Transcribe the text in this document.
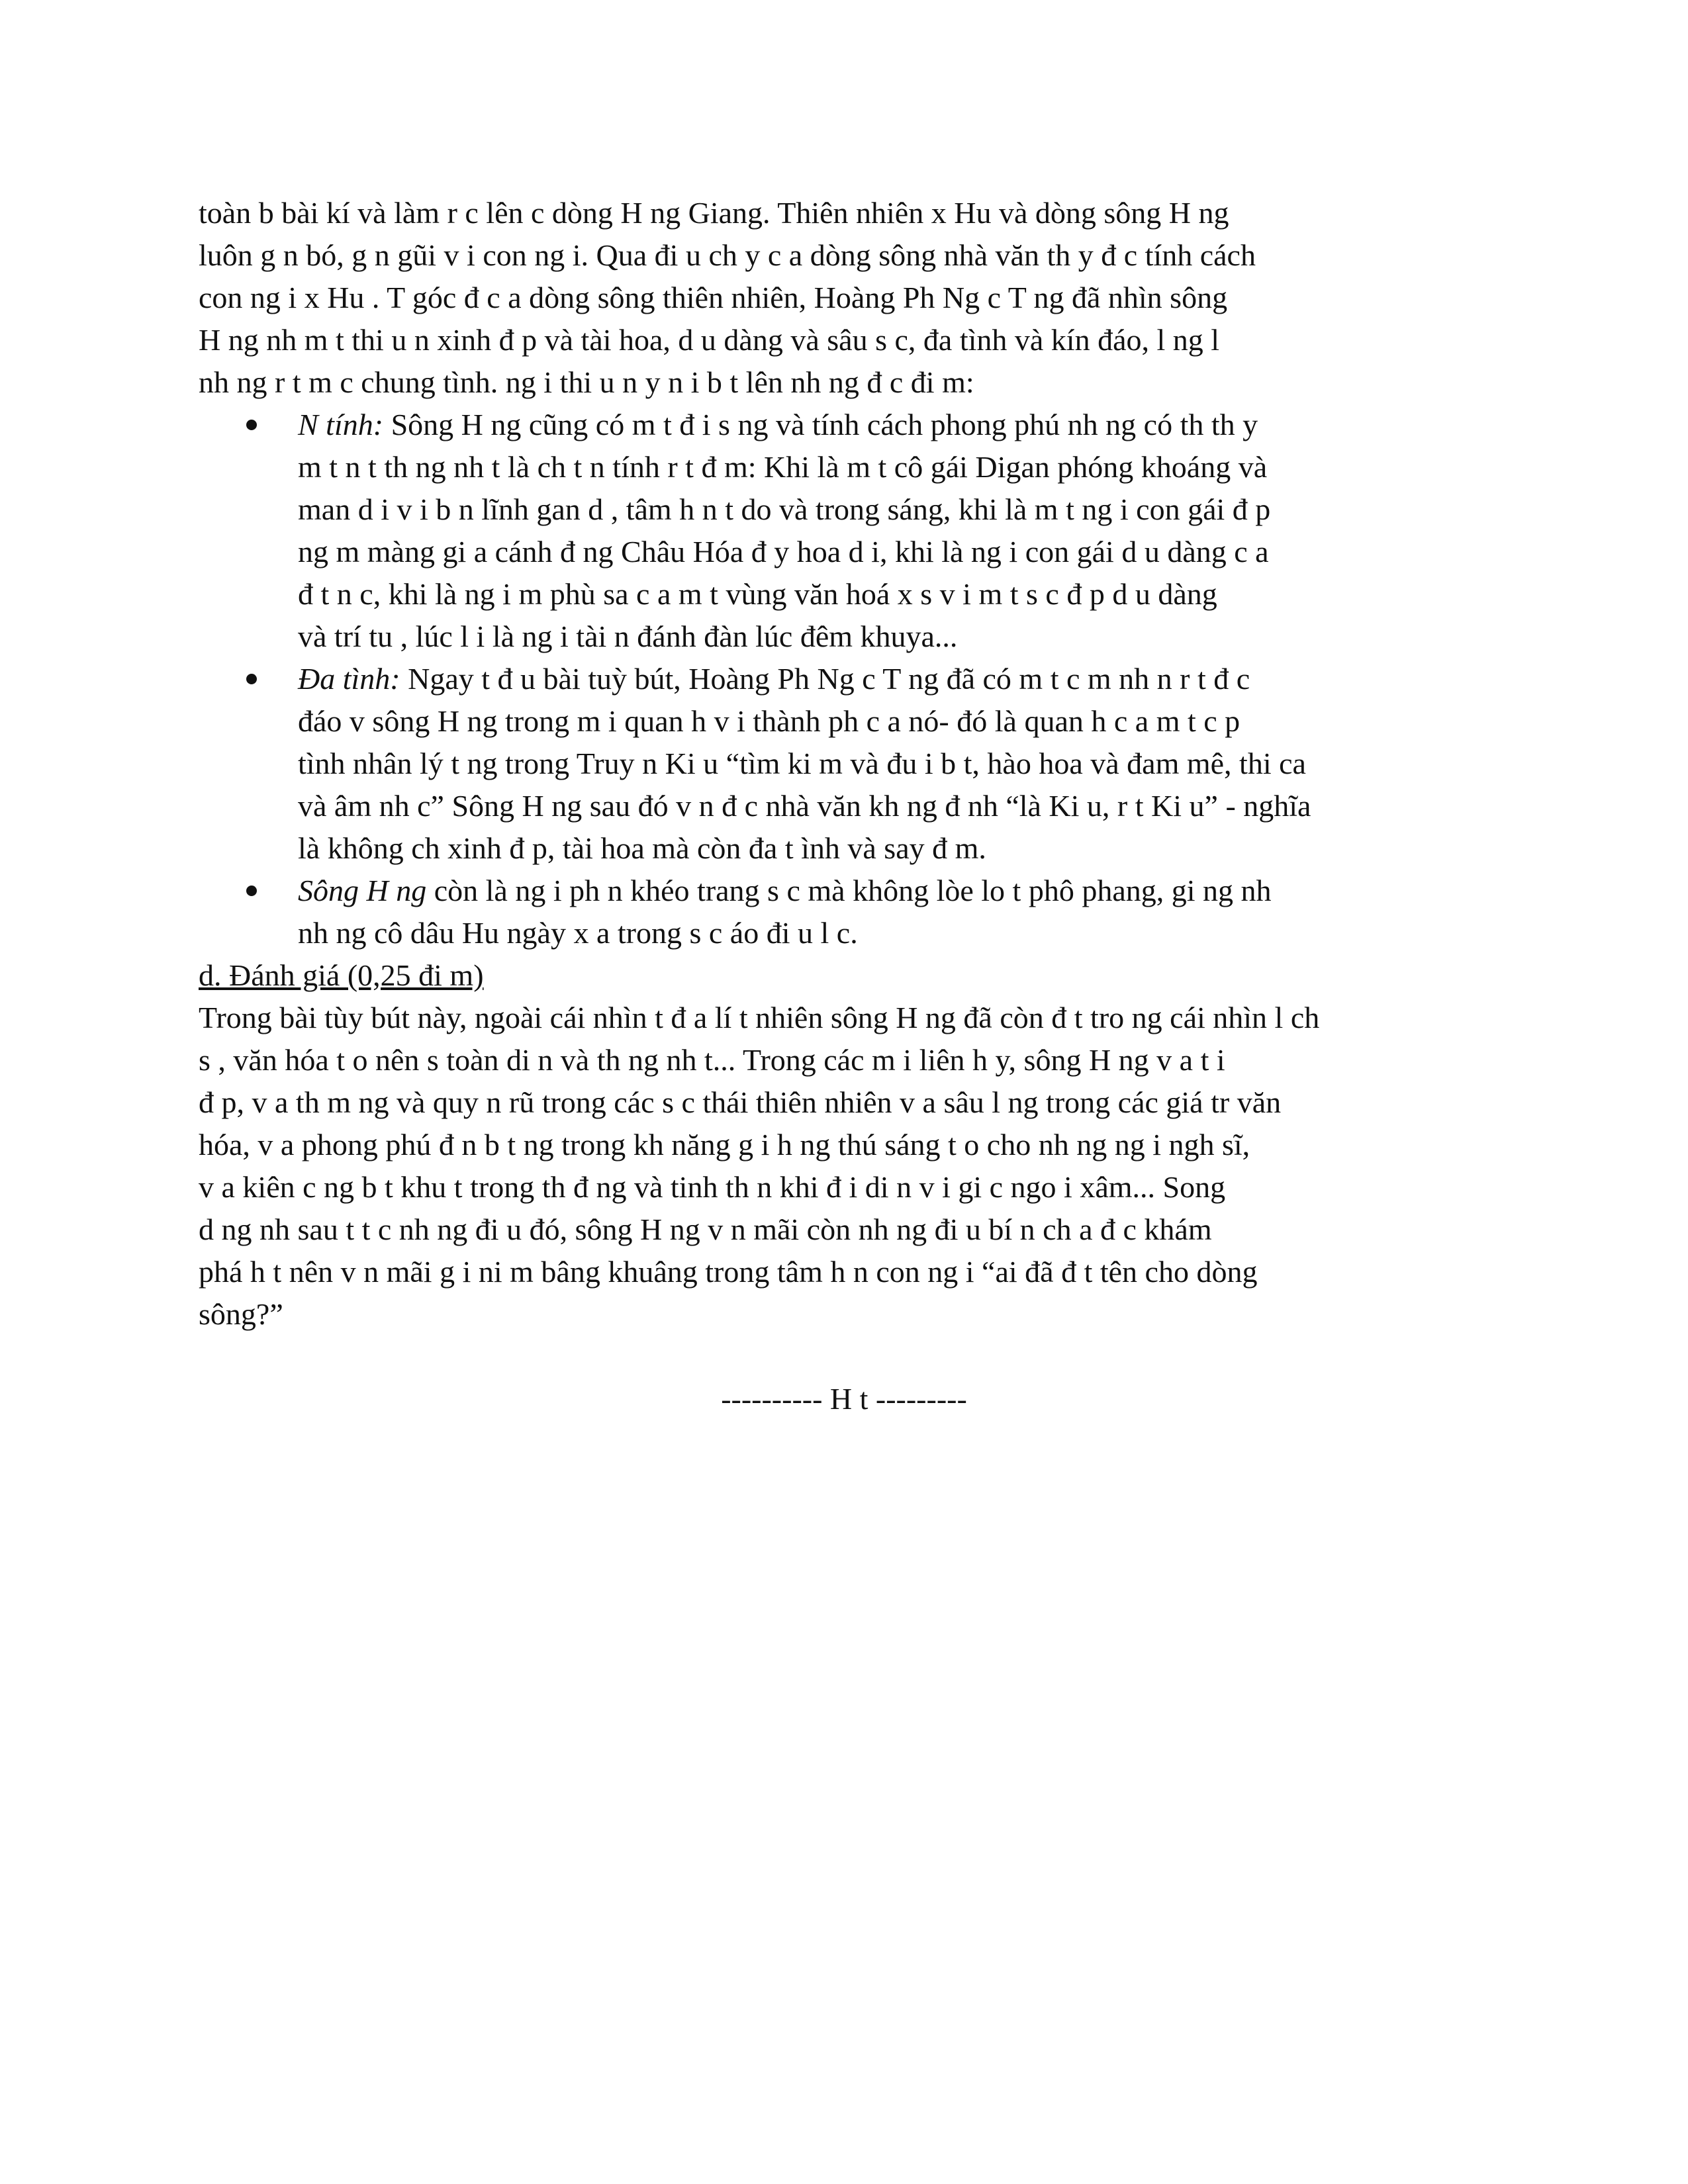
toàn b bài kí và làm r c lên c dòng H ng Giang. Thiên nhiên x Hu và dòng sông H ng
luôn g n bó, g n gũi v i con ng i. Qua đi u ch y c a dòng sông nhà văn th y đ c tính cách
con ng i x Hu . T góc đ c a dòng sông thiên nhiên, Hoàng Ph Ng c T ng đã nhìn sông
H ng nh m t thi u n xinh đ p và tài hoa, d u dàng và sâu s c, đa tình và kín đáo, l ng l
nh ng r t m c chung tình. ng i thi u n y n i b t lên nh ng đ c đi m:

N tính: Sông H ng cũng có m t đ i s ng và tính cách phong phú nh ng có th th y
m t n t th ng nh t là ch t n tính r t đ m: Khi là m t cô gái Digan phóng khoáng và
man d i v i b n lĩnh gan d , tâm h n t do và trong sáng, khi là m t ng i con gái đ p
ng m màng gi a cánh đ ng Châu Hóa đ y hoa d i, khi là ng i con gái d u dàng c a
đ t n c, khi là ng i m phù sa c a m t vùng văn hoá x s v i m t s c đ p d u dàng
và trí tu , lúc l i là ng i tài n đánh đàn lúc đêm khuya...
Đa tình: Ngay t đ u bài tuỳ bút, Hoàng Ph Ng c T ng đã có m t c m nh n r t đ c
đáo v sông H ng trong m i quan h v i thành ph c a nó- đó là quan h c a m t c p
tình nhân lý t ng trong Truy n Ki u “tìm ki m và đu i b t, hào hoa và đam mê, thi ca
và âm nh c” Sông H ng sau đó v n đ c nhà văn kh ng đ nh “là Ki u, r t Ki u” - nghĩa
là không ch xinh đ p, tài hoa mà còn đa t ình và say đ m.
Sông H ng còn là ng i ph n khéo trang s c mà không lòe lo t phô phang, gi ng nh
nh ng cô dâu Hu ngày x a trong s c áo đi u l c.
d. Đánh giá (0,25 đi m)

Trong bài tùy bút này, ngoài cái nhìn t đ a lí t nhiên sông H ng đã còn đ t tro ng cái nhìn l ch
s , văn hóa t o nên s toàn di n và th ng nh t... Trong các m i liên h y, sông H ng v a t i
đ p, v a th m ng và quy n rũ trong các s c thái thiên nhiên v a sâu l ng trong các giá tr văn
hóa, v a phong phú đ n b t ng trong kh năng g i h ng thú sáng t o cho nh ng ng i ngh sĩ,
v a kiên c ng b t khu t trong th đ ng và tinh th n khi đ i di n v i gi c ngo i xâm... Song
d ng nh sau t t c nh ng đi u đó, sông H ng v n mãi còn nh ng đi u bí n ch a đ c khám
phá h t nên v n mãi g i ni m bâng khuâng trong tâm h n con ng i “ai đã đ t tên cho dòng
sông?”

---------- H t ---------
